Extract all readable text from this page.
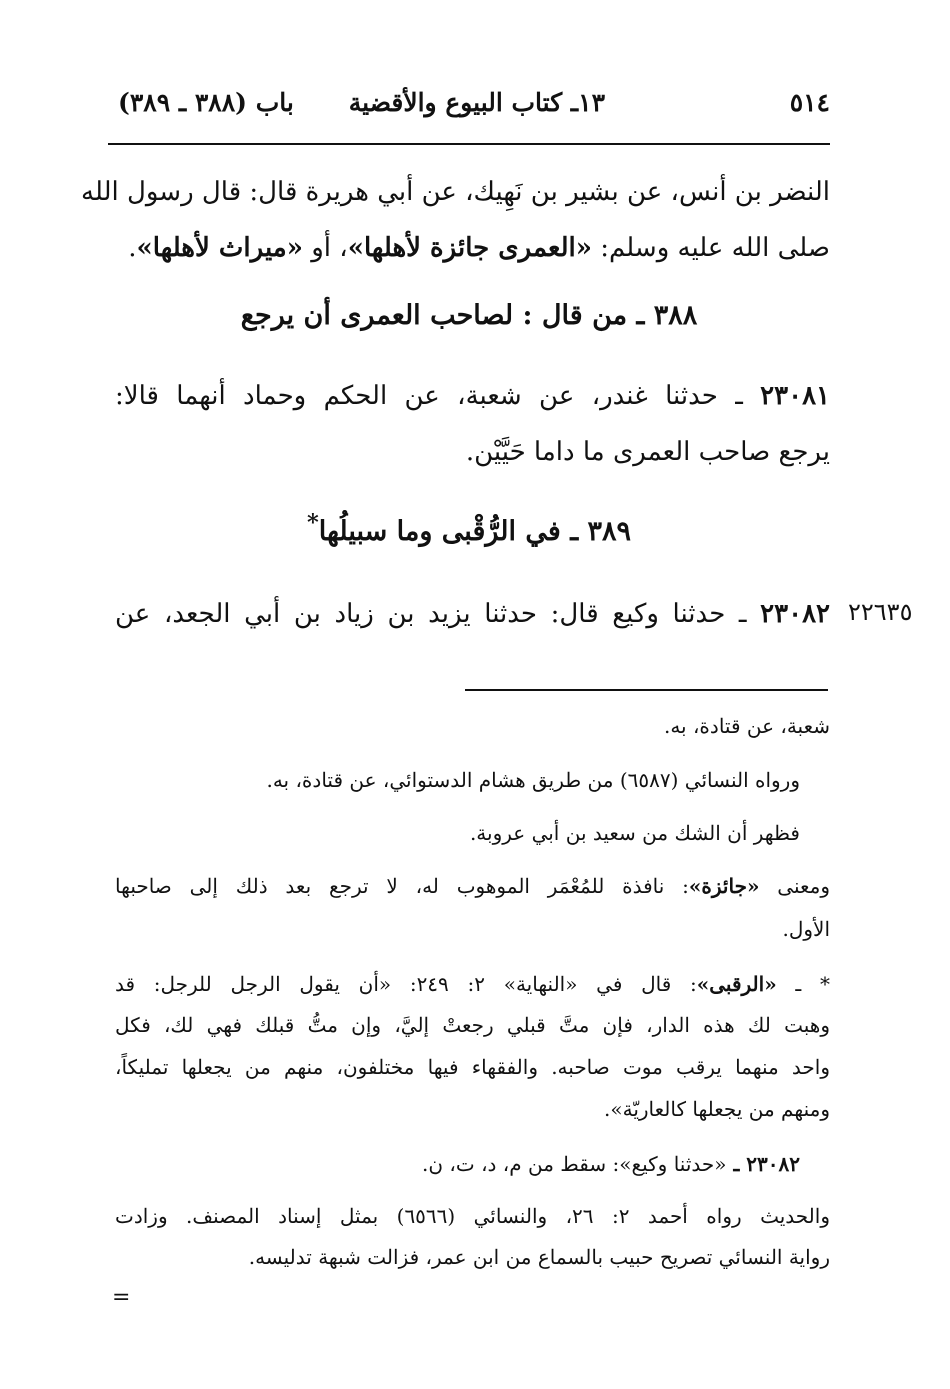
٥١٤
١٣ـ كتاب البيوع والأقضية
باب (٣٨٨ ـ ٣٨٩)
النضر بن أنس، عن بشير بن نَهِيك، عن أبي هريرة قال: قال رسول الله
صلى الله عليه وسلم: «العمرى جائزة لأهلها»، أو «ميراث لأهلها».
٣٨٨ ـ من قال : لصاحب العمرى أن يرجع
٢٣٠٨١ ـ حدثنا غندر، عن شعبة، عن الحكم وحماد أنهما قالا:
يرجع صاحب العمرى ما داما حَيَّيْن.
٣٨٩ ـ في الرُّقْبى وما سبيلُها*
٢٢٦٣٥
٢٣٠٨٢ ـ حدثنا وكيع قال: حدثنا يزيد بن زياد بن أبي الجعد، عن
شعبة، عن قتادة، به.
ورواه النسائي (٦٥٨٧) من طريق هشام الدستوائي، عن قتادة، به.
فظهر أن الشك من سعيد بن أبي عروبة.
ومعنى «جائزة»: نافذة للمُعْمَر الموهوب له، لا ترجع بعد ذلك إلى صاحبها
الأول.
* ـ «الرقبى»: قال في «النهاية» ٢: ٢٤٩: «أن يقول الرجل للرجل: قد
وهبت لك هذه الدار، فإن متَّ قبلي رجعتْ إليَّ، وإن متُّ قبلك فهي لك، فكل
واحد منهما يرقب موت صاحبه. والفقهاء فيها مختلفون، منهم من يجعلها تمليكاً،
ومنهم من يجعلها كالعاريّة».
٢٣٠٨٢ ـ «حدثنا وكيع»: سقط من م، د، ت، ن.
والحديث رواه أحمد ٢: ٢٦، والنسائي (٦٥٦٦) بمثل إسناد المصنف. وزادت
رواية النسائي تصريح حبيب بالسماع من ابن عمر، فزالت شبهة تدليسه.
=
